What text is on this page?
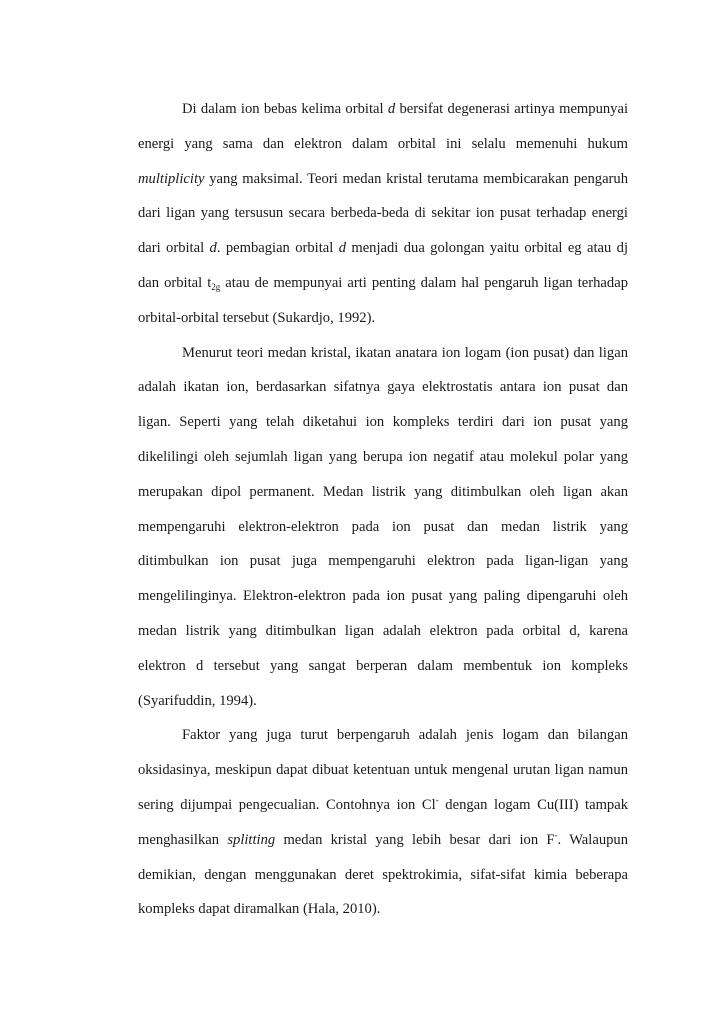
Di dalam ion bebas kelima orbital d bersifat degenerasi artinya mempunyai
energi yang sama dan elektron dalam orbital ini selalu memenuhi hukum
multiplicity yang maksimal. Teori medan kristal terutama membicarakan pengaruh
dari ligan yang tersusun secara berbeda-beda di sekitar ion pusat terhadap energi
dari orbital d. pembagian orbital d menjadi dua golongan yaitu orbital eg atau dj
dan orbital $t_{2g}$ atau de mempunyai arti penting dalam hal pengaruh ligan terhadap
orbital-orbital tersebut (Sukardjo, 1992).
Menurut teori medan kristal, ikatan anatara ion logam (ion pusat) dan ligan
adalah ikatan ion, berdasarkan sifatnya gaya elektrostatis antara ion pusat dan
ligan. Seperti yang telah diketahui ion kompleks terdiri dari ion pusat yang
dikelilingi oleh sejumlah ligan yang berupa ion negatif atau molekul polar yang
merupakan dipol permanent. Medan listrik yang ditimbulkan oleh ligan akan
mempengaruhi elektron-elektron pada ion pusat dan medan listrik yang
ditimbulkan ion pusat juga mempengaruhi elektron pada ligan-ligan yang
mengelilinginya. Elektron-elektron pada ion pusat yang paling dipengaruhi oleh
medan listrik yang ditimbulkan ligan adalah elektron pada orbital d, karena
elektron d tersebut yang sangat berperan dalam membentuk ion kompleks
(Syarifuddin, 1994).
Faktor yang juga turut berpengaruh adalah jenis logam dan bilangan
oksidasinya, meskipun dapat dibuat ketentuan untuk mengenal urutan ligan namun
sering dijumpai pengecualian. Contohnya ion Cl- dengan logam Cu(III) tampak
menghasilkan splitting medan kristal yang lebih besar dari ion F-. Walaupun
demikian, dengan menggunakan deret spektrokimia, sifat-sifat kimia beberapa
kompleks dapat diramalkan (Hala, 2010).
